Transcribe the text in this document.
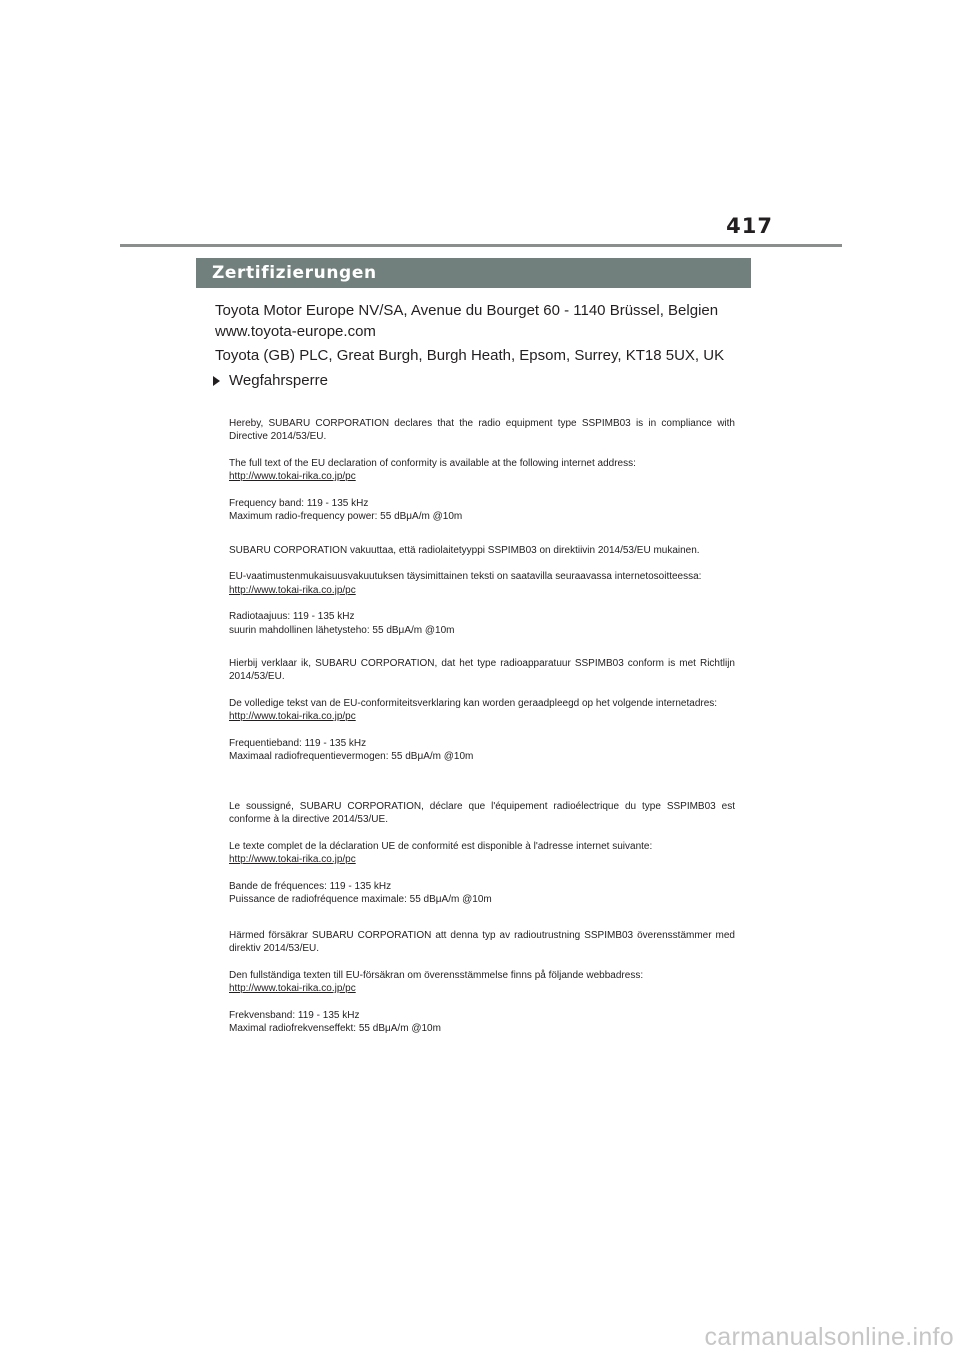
417
Zertifizierungen
Toyota Motor Europe NV/SA, Avenue du Bourget 60 - 1140 Brüssel, Belgien
www.toyota-europe.com
Toyota (GB) PLC, Great Burgh, Burgh Heath, Epsom, Surrey, KT18 5UX, UK
Wegfahrsperre

Hereby, SUBARU CORPORATION declares that the radio equipment type SSPIMB03 is in compliance with Directive 2014/53/EU.

The full text of the EU declaration of conformity is available at the following internet address:

http://www.tokai-rika.co.jp/pc

Frequency band: 119 - 135 kHz

Maximum radio-frequency power: 55 dBμA/m @10m

SUBARU CORPORATION vakuuttaa, että radiolaitetyyppi SSPIMB03 on direktiivin 2014/53/EU mukainen.

EU-vaatimustenmukaisuusvakuutuksen täysimittainen teksti on saatavilla seuraavassa internetosoitteessa:

http://www.tokai-rika.co.jp/pc

Radiotaajuus: 119 - 135 kHz

suurin mahdollinen lähetysteho: 55 dBμA/m @10m

Hierbij verklaar ik, SUBARU CORPORATION, dat het type radioapparatuur SSPIMB03 conform is met Richtlijn 2014/53/EU.

De volledige tekst van de EU-conformiteitsverklaring kan worden geraadpleegd op het volgende internetadres:

http://www.tokai-rika.co.jp/pc

Frequentieband: 119 - 135 kHz

Maximaal radiofrequentievermogen: 55 dBμA/m @10m

Le soussigné, SUBARU CORPORATION, déclare que l'équipement radioélectrique du type SSPIMB03 est conforme à la directive 2014/53/UE.

Le texte complet de la déclaration UE de conformité est disponible à l'adresse internet suivante:

http://www.tokai-rika.co.jp/pc

Bande de fréquences: 119 - 135 kHz

Puissance de radiofréquence maximale: 55 dBμA/m @10m

Härmed försäkrar SUBARU CORPORATION att denna typ av radioutrustning SSPIMB03 överensstämmer med direktiv 2014/53/EU.

Den fullständiga texten till EU-försäkran om överensstämmelse finns på följande webbadress:

http://www.tokai-rika.co.jp/pc

Frekvensband: 119 - 135 kHz

Maximal radiofrekvenseffekt: 55 dBμA/m @10m

carmanualsonline.info
